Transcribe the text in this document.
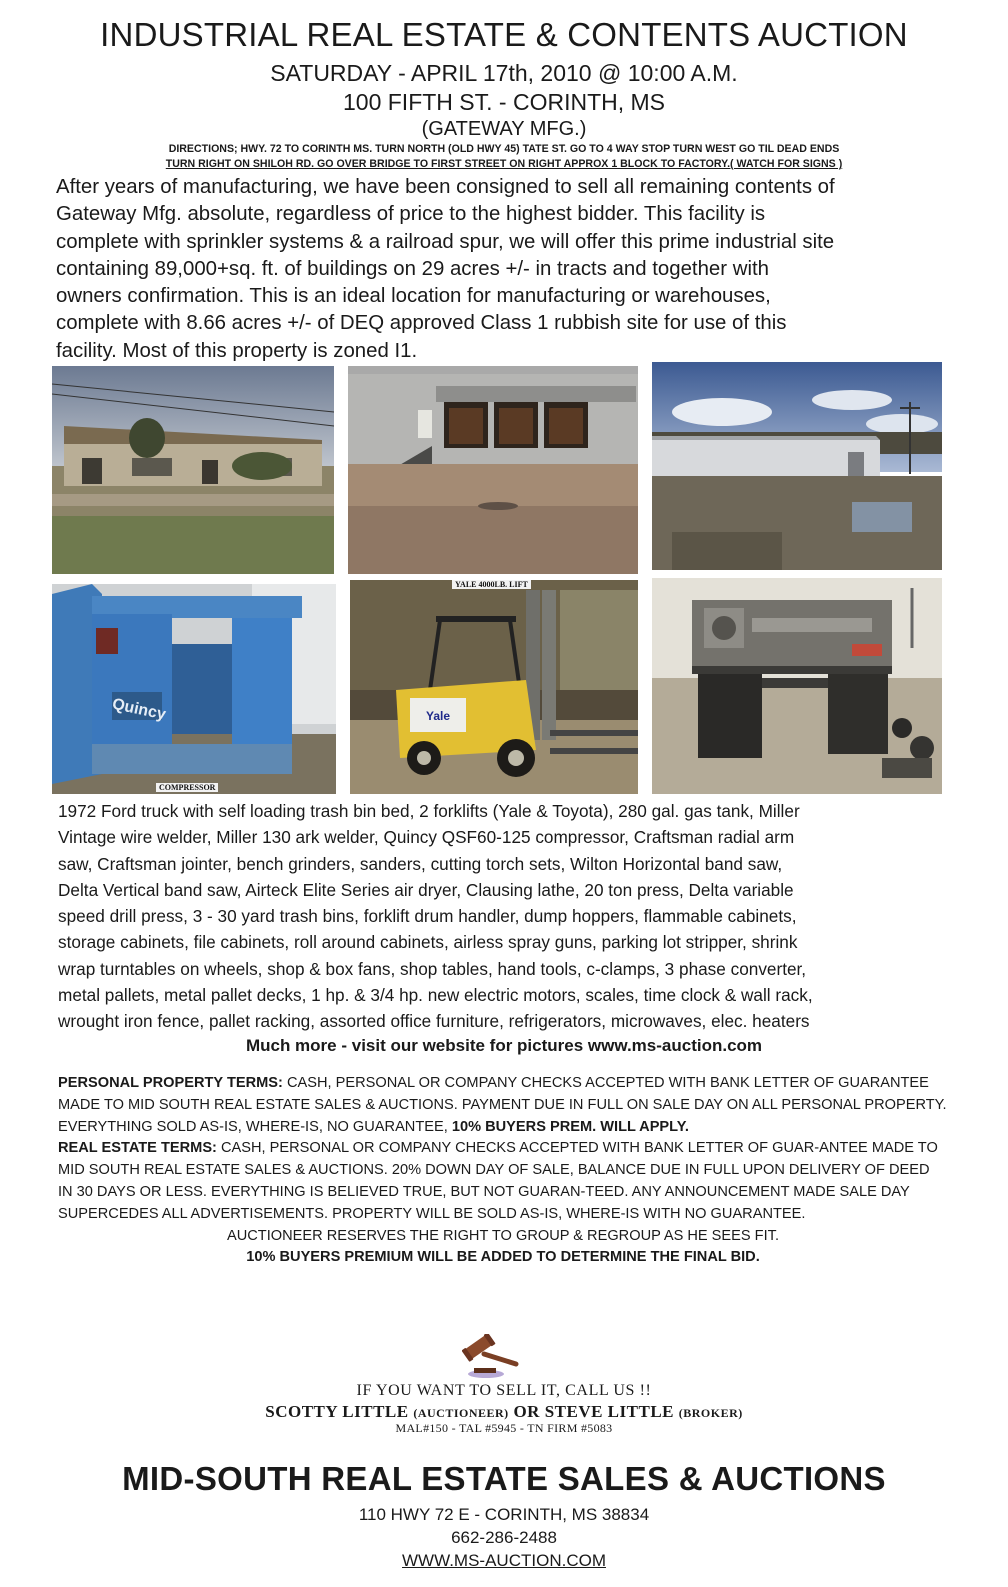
INDUSTRIAL REAL ESTATE & CONTENTS AUCTION
SATURDAY - APRIL 17th, 2010 @ 10:00 A.M.
100 FIFTH ST. - CORINTH, MS
(GATEWAY MFG.)
DIRECTIONS; HWY. 72 TO CORINTH MS. TURN NORTH (OLD HWY 45) TATE ST. GO TO 4 WAY STOP TURN WEST GO TIL DEAD ENDS
TURN RIGHT ON SHILOH RD. GO OVER BRIDGE TO FIRST STREET ON RIGHT APPROX 1 BLOCK TO FACTORY.( WATCH FOR SIGNS )
After years of manufacturing, we have been consigned to sell all remaining contents of
Gateway Mfg. absolute, regardless of price to the highest bidder. This facility is
complete with sprinkler systems & a railroad spur, we will offer this prime industrial site
containing 89,000+sq. ft. of buildings on 29 acres +/- in tracts and together with
owners confirmation. This is an ideal location for manufacturing or warehouses,
complete with 8.66 acres +/- of DEQ approved Class 1 rubbish site for use of this
facility. Most of this property is zoned I1.
Quincy
COMPRESSOR
Yale
YALE 4000LB. LIFT
1972 Ford truck with self loading trash bin bed, 2 forklifts (Yale & Toyota), 280 gal. gas tank, Miller
Vintage wire welder, Miller 130 ark welder, Quincy QSF60-125 compressor, Craftsman radial arm
saw, Craftsman jointer, bench grinders, sanders, cutting torch sets, Wilton Horizontal band saw,
Delta Vertical band saw, Airteck Elite Series air dryer, Clausing lathe, 20 ton press, Delta variable
speed drill press, 3 - 30 yard trash bins, forklift drum handler, dump hoppers, flammable cabinets,
storage cabinets, file cabinets, roll around cabinets, airless spray guns, parking lot stripper, shrink
wrap turntables on wheels, shop & box fans, shop tables, hand tools, c-clamps, 3 phase converter,
metal pallets, metal pallet decks, 1 hp. & 3/4 hp. new electric motors, scales, time clock & wall rack,
wrought iron fence, pallet racking, assorted office furniture, refrigerators, microwaves, elec. heaters
Much more - visit our website for pictures www.ms-auction.com

PERSONAL PROPERTY TERMS: CASH, PERSONAL OR COMPANY CHECKS ACCEPTED WITH BANK LETTER OF GUARANTEE MADE TO MID SOUTH REAL ESTATE SALES & AUCTIONS. PAYMENT DUE IN FULL ON SALE DAY ON ALL PERSONAL PROPERTY. EVERYTHING SOLD AS-IS, WHERE-IS, NO GUARANTEE, 10% BUYERS PREM. WILL APPLY.

REAL ESTATE TERMS: CASH, PERSONAL OR COMPANY CHECKS ACCEPTED WITH BANK LETTER OF GUAR-ANTEE MADE TO MID SOUTH REAL ESTATE SALES & AUCTIONS. 20% DOWN DAY OF SALE, BALANCE DUE IN FULL UPON DELIVERY OF DEED IN 30 DAYS OR LESS. EVERYTHING IS BELIEVED TRUE, BUT NOT GUARAN-TEED. ANY ANNOUNCEMENT MADE SALE DAY SUPERCEDES ALL ADVERTISEMENTS. PROPERTY WILL BE SOLD AS-IS, WHERE-IS WITH NO GUARANTEE.

AUCTIONEER RESERVES THE RIGHT TO GROUP & REGROUP AS HE SEES FIT.
10% BUYERS PREMIUM WILL BE ADDED TO DETERMINE THE FINAL BID.
IF YOU WANT TO SELL IT, CALL US !!
SCOTTY LITTLE (AUCTIONEER) OR STEVE LITTLE (BROKER)
MAL#150 - TAL #5945 - TN FIRM #5083
MID-SOUTH REAL ESTATE SALES & AUCTIONS
110 HWY 72 E - CORINTH, MS 38834
662-286-2488
WWW.MS-AUCTION.COM
